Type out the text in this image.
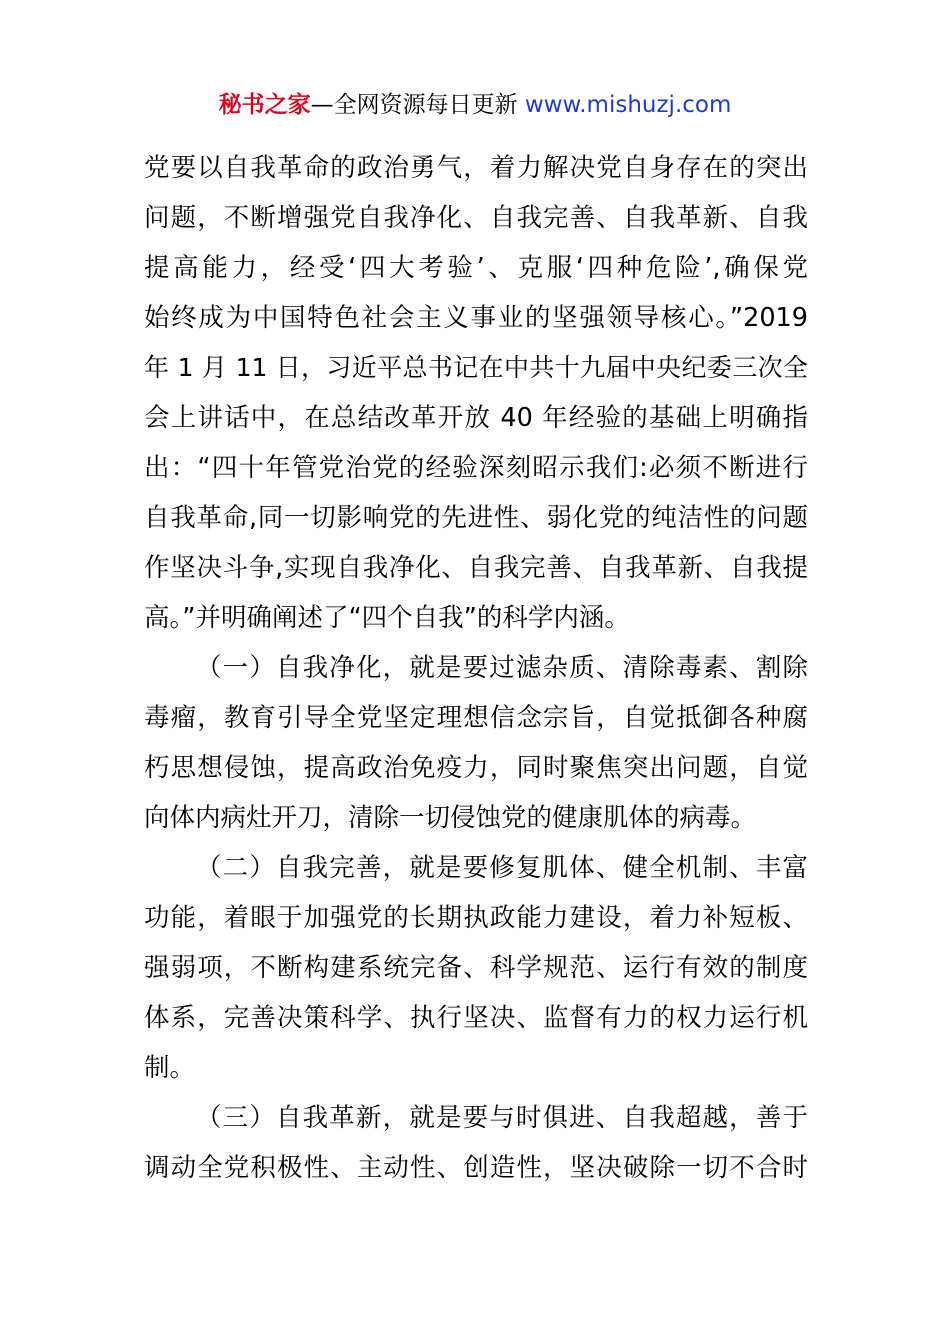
秘书之家—全网资源每日更新 www.mishuzj.com
党要以自我革命的政治勇气，着力解决党自身存在的突出
问题，不断增强党自我净化、自我完善、自我革新、自我
提高能力，经受‘四大考验’、克服‘四种危险’,确保党
始终成为中国特色社会主义事业的坚强领导核心。”2019
年 1 月 11 日，习近平总书记在中共十九届中央纪委三次全
会上讲话中，在总结改革开放 40 年经验的基础上明确指
出：“四十年管党治党的经验深刻昭示我们:必须不断进行
自我革命,同一切影响党的先进性、弱化党的纯洁性的问题
作坚决斗争,实现自我净化、自我完善、自我革新、自我提
高。”并明确阐述了“四个自我”的科学内涵。
（一）自我净化，就是要过滤杂质、清除毒素、割除
毒瘤，教育引导全党坚定理想信念宗旨，自觉抵御各种腐
朽思想侵蚀，提高政治免疫力，同时聚焦突出问题，自觉
向体内病灶开刀，清除一切侵蚀党的健康肌体的病毒。
（二）自我完善，就是要修复肌体、健全机制、丰富
功能，着眼于加强党的长期执政能力建设，着力补短板、
强弱项，不断构建系统完备、科学规范、运行有效的制度
体系，完善决策科学、执行坚决、监督有力的权力运行机
制。
（三）自我革新，就是要与时俱进、自我超越，善于
调动全党积极性、主动性、创造性，坚决破除一切不合时
